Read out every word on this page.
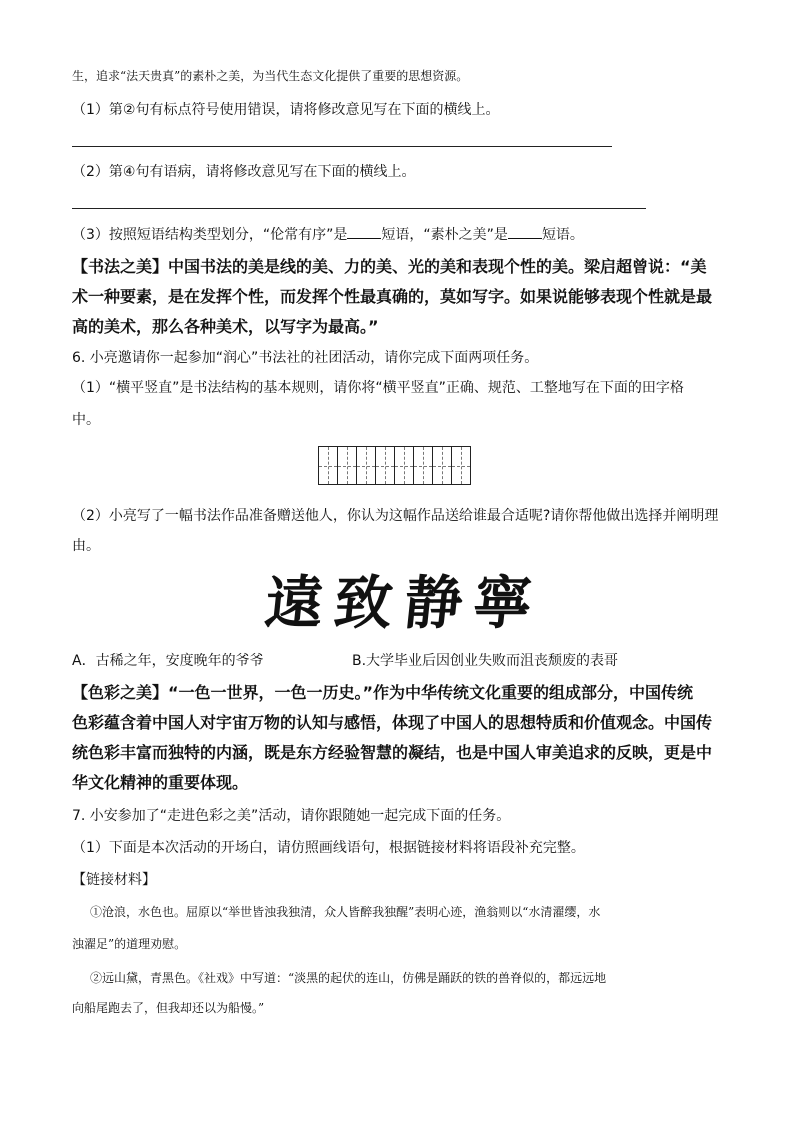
生，追求“法天贵真”的素朴之美，为当代生态文化提供了重要的思想资源。
（1）第②句有标点符号使用错误，请将修改意见写在下面的横线上。
（2）第④句有语病，请将修改意见写在下面的横线上。
（3）按照短语结构类型划分，“伦常有序”是 短语，“素朴之美”是 短语。
【书法之美】中国书法的美是线的美、力的美、光的美和表现个性的美。梁启超曾说：“美
术一种要素，是在发挥个性，而发挥个性最真确的，莫如写字。如果说能够表现个性就是最
高的美术，那么各种美术，以写字为最高。”
6. 小亮邀请你一起参加“润心”书法社的社团活动，请你完成下面两项任务。
（1）“横平竖直”是书法结构的基本规则，请你将“横平竖直”正确、规范、工整地写在下面的田字格
中。
（2）小亮写了一幅书法作品准备赠送他人，你认为这幅作品送给谁最合适呢?请你帮他做出选择并阐明理
由。
遠 致 静 寧
A．古稀之年，安度晚年的爷爷	B.大学毕业后因创业失败而沮丧颓废的表哥
【色彩之美】“一色一世界，一色一历史。”作为中华传统文化重要的组成部分，中国传统
色彩蕴含着中国人对宇宙万物的认知与感悟，体现了中国人的思想特质和价值观念。中国传
统色彩丰富而独特的内涵，既是东方经验智慧的凝结，也是中国人审美追求的反映，更是中
华文化精神的重要体现。
7. 小安参加了“走进色彩之美”活动，请你跟随她一起完成下面的任务。
（1）下面是本次活动的开场白，请仿照画线语句，根据链接材料将语段补充完整。
【链接材料】
①沧浪，水色也。屈原以“举世皆浊我独清，众人皆醉我独醒”表明心迹，渔翁则以“水清濯缨，水
浊濯足”的道理劝慰。
②远山黛，青黑色。《社戏》中写道：“淡黑的起伏的连山，仿佛是踊跃的铁的兽脊似的，都远远地
向船尾跑去了，但我却还以为船慢。”
